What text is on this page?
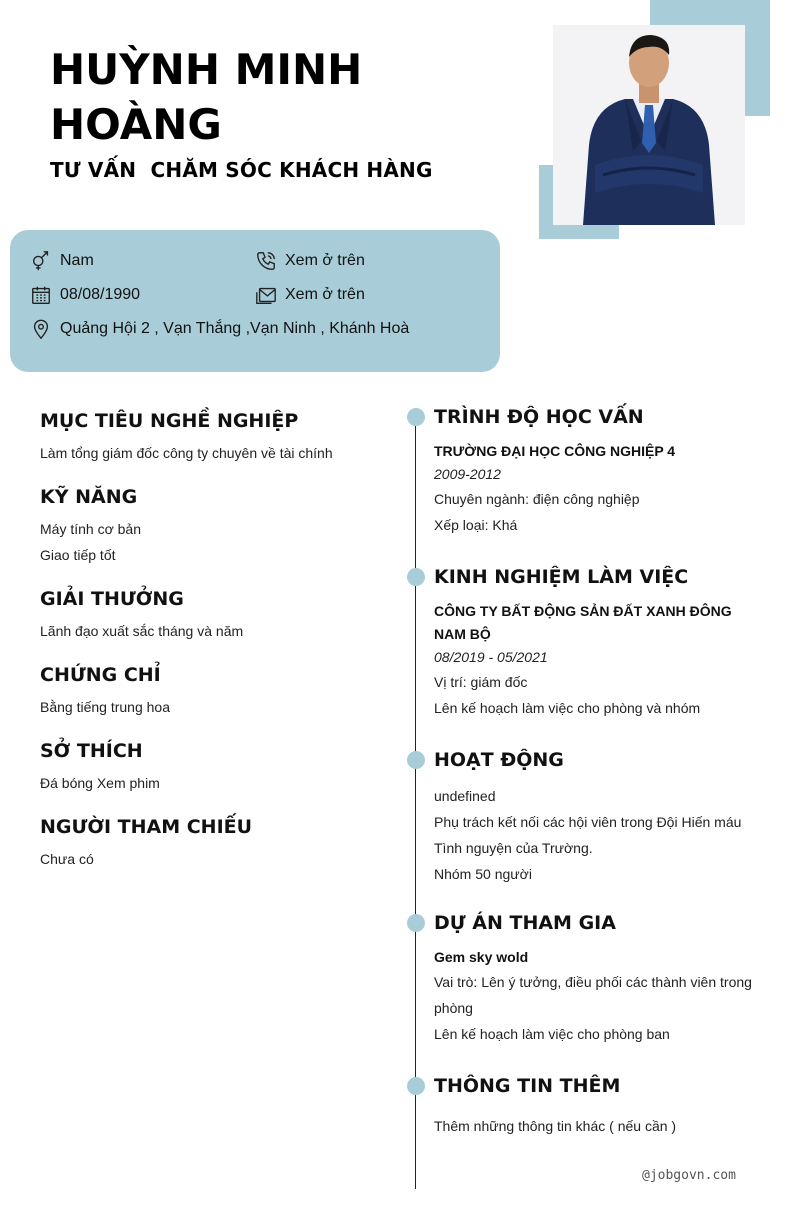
HUỲNH MINH
HOÀNG
TƯ VẤN  CHĂM SÓC KHÁCH HÀNG
Nam
08/08/1990
Quảng Hội 2 , Vạn Thắng ,Vạn Ninh , Khánh Hoà
Xem ở trên
Xem ở trên
MỤC TIÊU NGHỀ NGHIỆP
Làm tổng giám đốc công ty chuyên về tài chính
KỸ NĂNG
Máy tính cơ bản
Giao tiếp tốt
GIẢI THƯỞNG
Lãnh đạo xuất sắc tháng và năm
CHỨNG CHỈ
Bằng tiếng trung hoa
SỞ THÍCH
Đá bóng Xem phim
NGƯỜI THAM CHIẾU
Chưa có
TRÌNH ĐỘ HỌC VẤN
TRƯỜNG ĐẠI HỌC CÔNG NGHIỆP 4
2009-2012
Chuyên ngành: điện công nghiệp
Xếp loại: Khá
KINH NGHIỆM LÀM VIỆC
CÔNG TY BẤT ĐỘNG SẢN ĐẤT XANH ĐÔNG NAM BỘ
08/2019 - 05/2021
Vị trí: giám đốc
Lên kế hoạch làm việc cho phòng và nhóm
HOẠT ĐỘNG
undefined
Phụ trách kết nối các hội viên trong Đội Hiến máu Tình nguyện của Trường.
Nhóm 50 người
DỰ ÁN THAM GIA
Gem sky wold
Vai trò: Lên ý tưởng, điều phối các thành viên trong phòng
Lên kế hoạch làm việc cho phòng ban
THÔNG TIN THÊM
Thêm những thông tin khác ( nếu cần )
@jobgovn.com
